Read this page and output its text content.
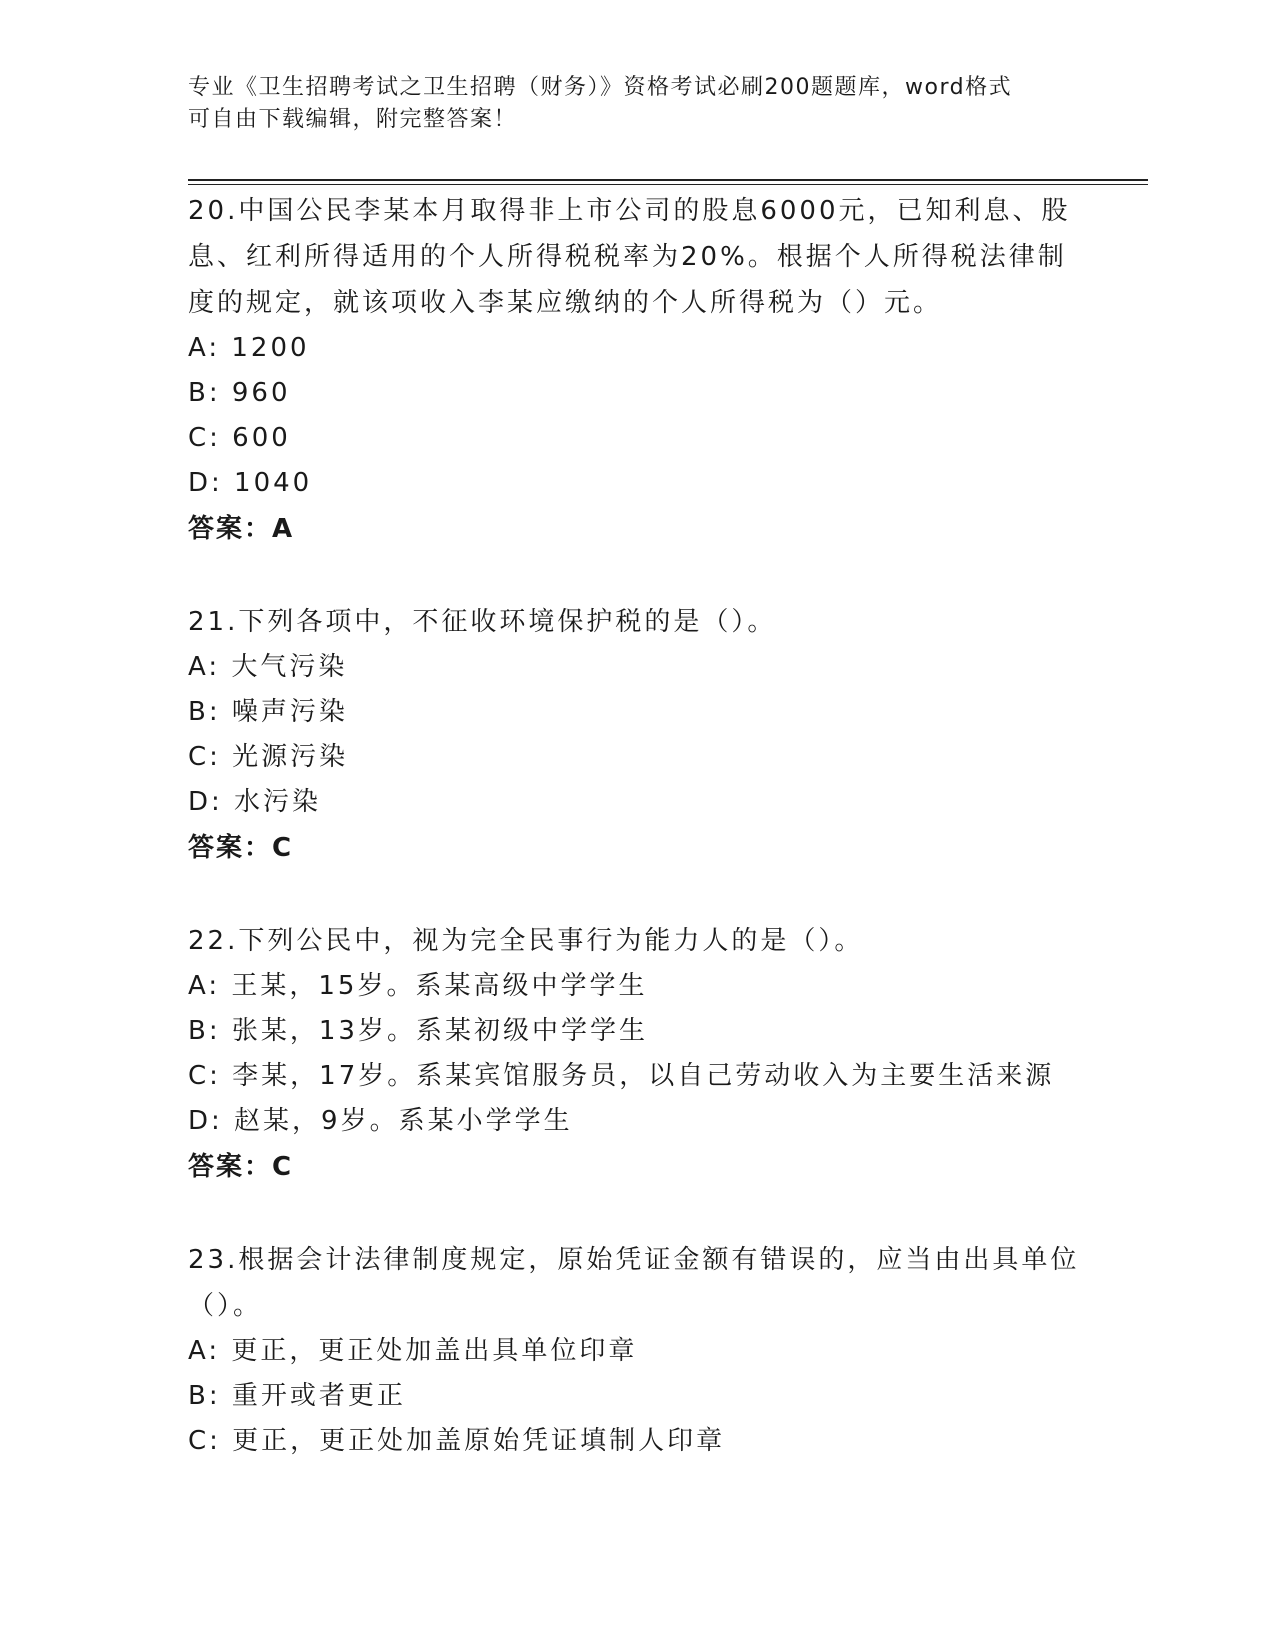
专业《卫生招聘考试之卫生招聘（财务）》资格考试必刷200题题库，word格式
可自由下载编辑，附完整答案！
20.中国公民李某本月取得非上市公司的股息6000元，已知利息、股息、红利所得适用的个人所得税税率为20%。根据个人所得税法律制度的规定，就该项收入李某应缴纳的个人所得税为（）元。
A: 1200
B: 960
C: 600
D: 1040
答案：A
21.下列各项中，不征收环境保护税的是（）。
A: 大气污染
B: 噪声污染
C: 光源污染
D: 水污染
答案：C
22.下列公民中，视为完全民事行为能力人的是（）。
A: 王某，15岁。系某高级中学学生
B: 张某，13岁。系某初级中学学生
C: 李某，17岁。系某宾馆服务员，以自己劳动收入为主要生活来源
D: 赵某，9岁。系某小学学生
答案：C
23.根据会计法律制度规定，原始凭证金额有错误的，应当由出具单位（）。
A: 更正，更正处加盖出具单位印章
B: 重开或者更正
C: 更正，更正处加盖原始凭证填制人印章
